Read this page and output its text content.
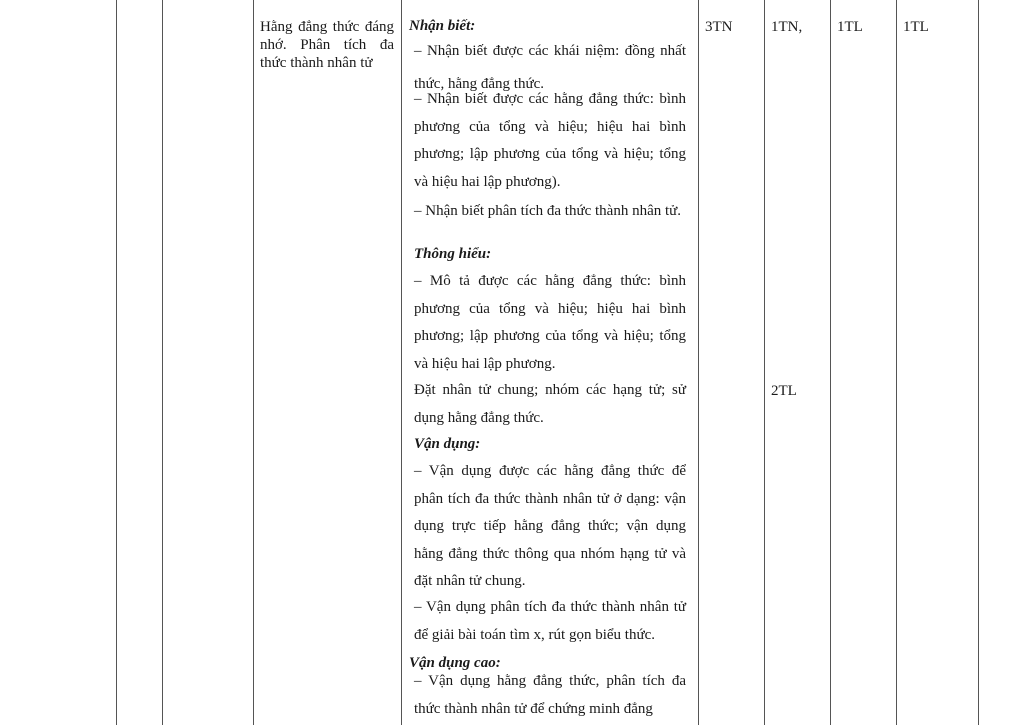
Hằng đẳng thức đáng nhớ. Phân tích đa thức thành nhân tử
Nhận biết:
– Nhận biết được các khái niệm: đồng nhất thức, hằng đẳng thức.
– Nhận biết được các hằng đẳng thức: bình phương của tổng và hiệu; hiệu hai bình phương; lập phương của tổng và hiệu; tổng và hiệu hai lập phương).
– Nhận biết phân tích đa thức thành nhân tử.
Thông hiểu:
– Mô tả được các hằng đẳng thức: bình phương của tổng và hiệu; hiệu hai bình phương; lập phương của tổng và hiệu; tổng và hiệu hai lập phương.
Đặt nhân tử chung; nhóm các hạng tử; sử dụng hằng đẳng thức.
Vận dụng:
– Vận dụng được các hằng đẳng thức để phân tích đa thức thành nhân tử ở dạng: vận dụng trực tiếp hằng đẳng thức; vận dụng hằng đẳng thức thông qua nhóm hạng tử và đặt nhân tử chung.
– Vận dụng phân tích đa thức thành nhân tử để giải bài toán tìm x, rút gọn biểu thức.
Vận dụng cao:
– Vận dụng hằng đẳng thức, phân tích đa thức thành nhân tử để chứng minh đẳng
3TN	1TN,
2TL
1TL	1TL
